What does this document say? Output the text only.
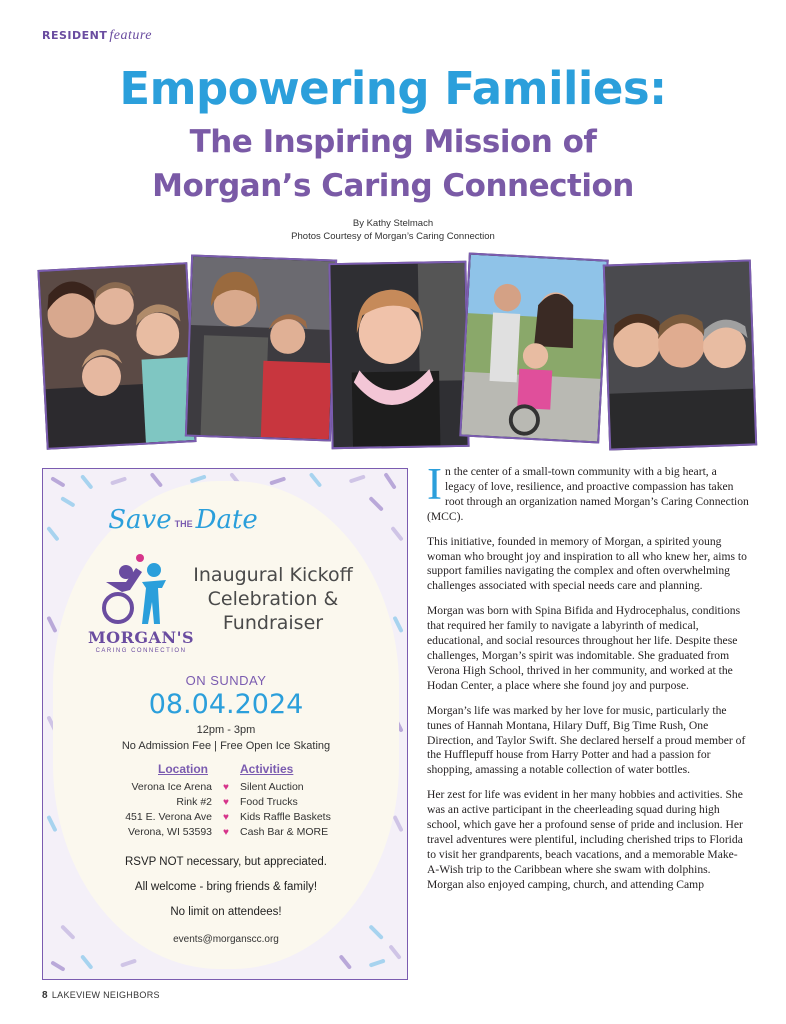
RESIDENT feature
Empowering Families:
The Inspiring Mission of
Morgan’s Caring Connection
By Kathy Stelmach
Photos Courtesy of Morgan’s Caring Connection
Save THE Date
MORGAN'S
CARING CONNECTION
Inaugural Kickoff
Celebration &
Fundraiser
ON SUNDAY
08.04.2024
12pm - 3pm
No Admission Fee | Free Open Ice Skating
Location	Activities
Verona Ice Arena
Rink #2
451 E. Verona Ave
Verona, WI 53593
♥
♥
♥
♥
Silent Auction
Food Trucks
Kids Raffle Baskets
Cash Bar & MORE
RSVP NOT necessary, but appreciated.
All welcome - bring friends & family!
No limit on attendees!
events@morganscc.org

In the center of a small-town community with a big heart, a legacy of love, resilience, and proactive compassion has taken root through an organization named Morgan’s Caring Connection (MCC).

This initiative, founded in memory of Morgan, a spirited young woman who brought joy and inspiration to all who knew her, aims to support families navigating the complex and often overwhelming challenges associated with special needs care and planning.

Morgan was born with Spina Bifida and Hydrocephalus, conditions that required her family to navigate a labyrinth of medical, educational, and social resources throughout her life. Despite these challenges, Morgan’s spirit was indomitable. She graduated from Verona High School, thrived in her community, and worked at the Hodan Center, a place where she found joy and purpose.

Morgan’s life was marked by her love for music, particularly the tunes of Hannah Montana, Hilary Duff, Big Time Rush, One Direction, and Taylor Swift. She declared herself a proud member of the Hufflepuff house from Harry Potter and had a passion for shopping, amassing a notable collection of water bottles.

Her zest for life was evident in her many hobbies and activities. She was an active participant in the cheerleading squad during high school, which gave her a profound sense of pride and inclusion. Her travel adventures were plentiful, including cherished trips to Florida to visit her grandparents, beach vacations, and a memorable Make-A-Wish trip to the Caribbean where she swam with dolphins. Morgan also enjoyed camping, church, and attending Camp

8 LAKEVIEW NEIGHBORS
